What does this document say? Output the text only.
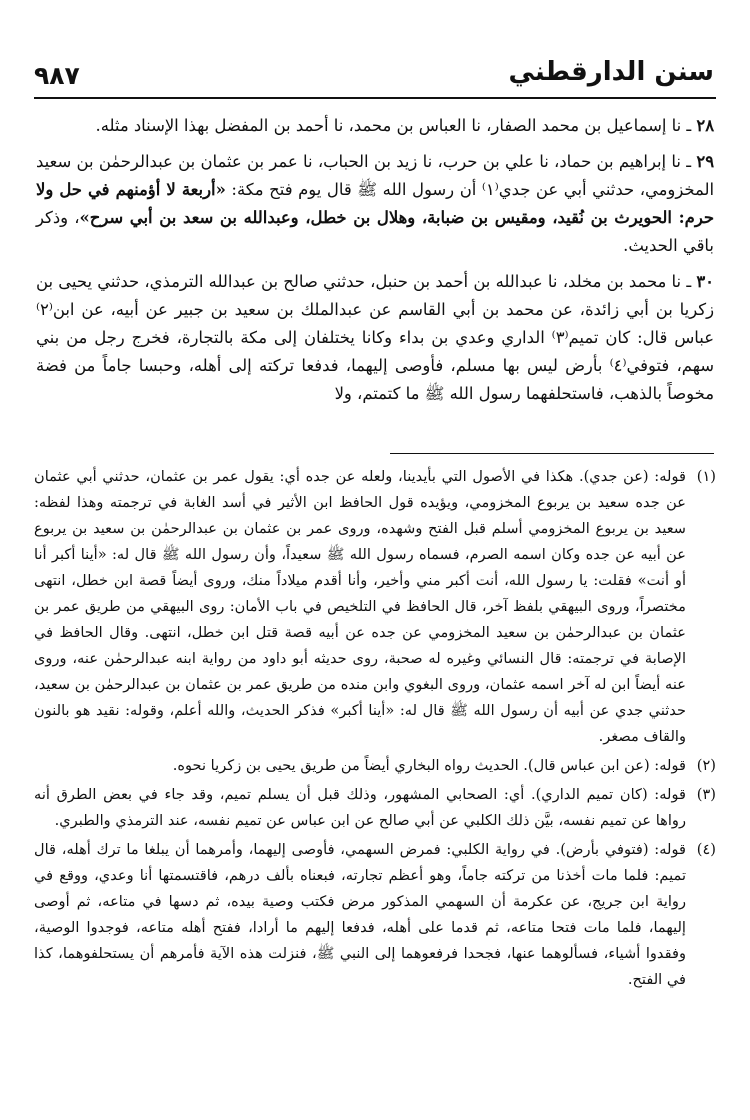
٩٨٧	سنن الدارقطني

٢٨ ـ نا إسماعيل بن محمد الصفار، نا العباس بن محمد، نا أحمد بن المفضل بهذا الإسناد مثله.

٢٩ ـ نا إبراهيم بن حماد، نا علي بن حرب، نا زيد بن الحباب، نا عمر بن عثمان بن عبدالرحمٰن بن سعيد المخزومي، حدثني أبي عن جدي⁽١⁾ أن رسول الله ﷺ قال يوم فتح مكة: «أربعة لا أؤمنهم في حل ولا حرم: الحويرث بن نُقيد، ومقيس بن ضبابة، وهلال بن خطل، وعبدالله بن سعد بن أبي سرح»، وذكر باقي الحديث.

٣٠ ـ نا محمد بن مخلد، نا عبدالله بن أحمد بن حنبل، حدثني صالح بن عبدالله الترمذي، حدثني يحيى بن زكريا بن أبي زائدة، عن محمد بن أبي القاسم عن عبدالملك بن سعيد بن جبير عن أبيه، عن ابن⁽٢⁾ عباس قال: كان تميم⁽٣⁾ الداري وعدي بن بداء وكانا يختلفان إلى مكة بالتجارة، فخرج رجل من بني سهم، فتوفي⁽٤⁾ بأرض ليس بها مسلم، فأوصى إليهما، فدفعا تركته إلى أهله، وحبسا جاماً من فضة مخوصاً بالذهب، فاستحلفهما رسول الله ﷺ ما كتمتم، ولا

(١)
قوله: (عن جدي). هكذا في الأصول التي بأيدينا، ولعله عن جده أي: يقول عمر بن عثمان، حدثني أبي عثمان عن جده سعيد بن يربوع المخزومي، ويؤيده قول الحافظ ابن الأثير في أسد الغابة في ترجمته وهذا لفظه: سعيد بن يربوع المخزومي أسلم قبل الفتح وشهده، وروى عمر بن عثمان بن عبدالرحمٰن بن سعيد بن يربوع عن أبيه عن جده وكان اسمه الصرم، فسماه رسول الله ﷺ سعيداً، وأن رسول الله ﷺ قال له: «أينا أكبر أنا أو أنت» فقلت: يا رسول الله، أنت أكبر مني وأخير، وأنا أقدم ميلاداً منك، وروى أيضاً قصة ابن خطل، انتهى مختصراً، وروى البيهقي بلفظ آخر، قال الحافظ في التلخيص في باب الأمان: روى البيهقي من طريق عمر بن عثمان بن عبدالرحمٰن بن سعيد المخزومي عن جده عن أبيه قصة قتل ابن خطل، انتهى. وقال الحافظ في الإصابة في ترجمته: قال النسائي وغيره له صحبة، روى حديثه أبو داود من رواية ابنه عبدالرحمٰن عنه، وروى عنه أيضاً ابن له آخر اسمه عثمان، وروى البغوي وابن منده من طريق عمر بن عثمان بن عبدالرحمٰن بن سعيد، حدثني جدي عن أبيه أن رسول الله ﷺ قال له: «أينا أكبر» فذكر الحديث، والله أعلم، وقوله: نقيد هو بالنون والقاف مصغر.
(٢)
قوله: (عن ابن عباس قال). الحديث رواه البخاري أيضاً من طريق يحيى بن زكريا نحوه.
(٣)
قوله: (كان تميم الداري). أي: الصحابي المشهور، وذلك قبل أن يسلم تميم، وقد جاء في بعض الطرق أنه رواها عن تميم نفسه، بيَّن ذلك الكلبي عن أبي صالح عن ابن عباس عن تميم نفسه، عند الترمذي والطبري.
(٤)
قوله: (فتوفي بأرض). في رواية الكلبي: فمرض السهمي، فأوصى إليهما، وأمرهما أن يبلغا ما ترك أهله، قال تميم: فلما مات أخذنا من تركته جاماً، وهو أعظم تجارته، فبعناه بألف درهم، فاقتسمتها أنا وعدي، ووقع في رواية ابن جريج، عن عكرمة أن السهمي المذكور مرض فكتب وصية بيده، ثم دسها في متاعه، ثم أوصى إليهما، فلما مات فتحا متاعه، ثم قدما على أهله، فدفعا إليهم ما أرادا، ففتح أهله متاعه، فوجدوا الوصية، وفقدوا أشياء، فسألوهما عنها، فجحدا فرفعوهما إلى النبي ﷺ، فنزلت هذه الآية فأمرهم أن يستحلفوهما، كذا في الفتح.
